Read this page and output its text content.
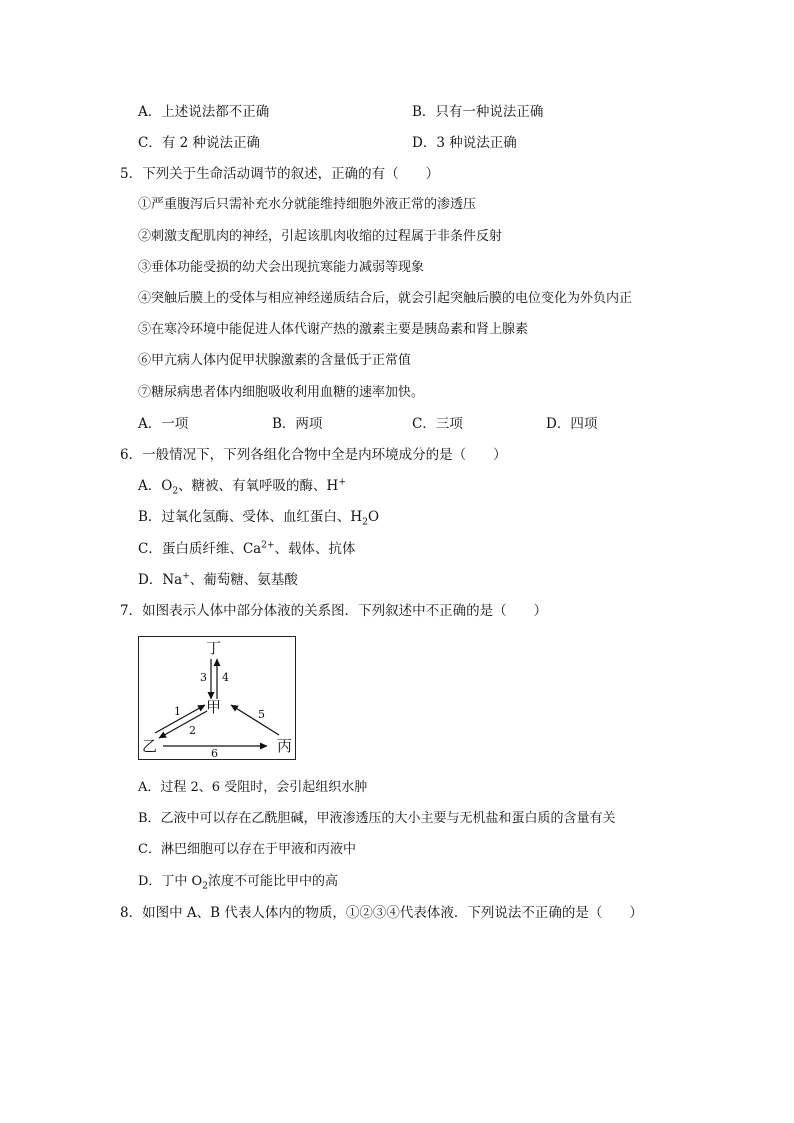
A．上述说法都不正确	B．只有一种说法正确
C．有 2 种说法正确	D．3 种说法正确
5．下列关于生命活动调节的叙述，正确的有（　　）
①严重腹泻后只需补充水分就能维持细胞外液正常的渗透压
②刺激支配肌肉的神经，引起该肌肉收缩的过程属于非条件反射
③垂体功能受损的幼犬会出现抗寒能力减弱等现象
④突触后膜上的受体与相应神经递质结合后，就会引起突触后膜的电位变化为外负内正
⑤在寒冷环境中能促进人体代谢产热的激素主要是胰岛素和肾上腺素
⑥甲亢病人体内促甲状腺激素的含量低于正常值
⑦糖尿病患者体内细胞吸收利用血糖的速率加快。
A．一项	B．两项	C．三项	D．四项
6．一般情况下，下列各组化合物中全是内环境成分的是（　　）
A．$O_2$、糖被、有氧呼吸的酶、H+
B．过氧化氢酶、受体、血红蛋白、$H_2O$
C．蛋白质纤维、$Ca^{2+}$、载体、抗体
D．Na+、葡萄糖、氨基酸
7．如图表示人体中部分体液的关系图．下列叙述中不正确的是（　　）
丁
甲
乙	丙
3 4
1
2
5
6
A．过程 2、6 受阻时，会引起组织水肿
B．乙液中可以存在乙酰胆碱，甲液渗透压的大小主要与无机盐和蛋白质的含量有关
C．淋巴细胞可以存在于甲液和丙液中
D．丁中 $O_2$浓度不可能比甲中的高
8．如图中 A、B 代表人体内的物质，①②③④代表体液．下列说法不正确的是（　　）
